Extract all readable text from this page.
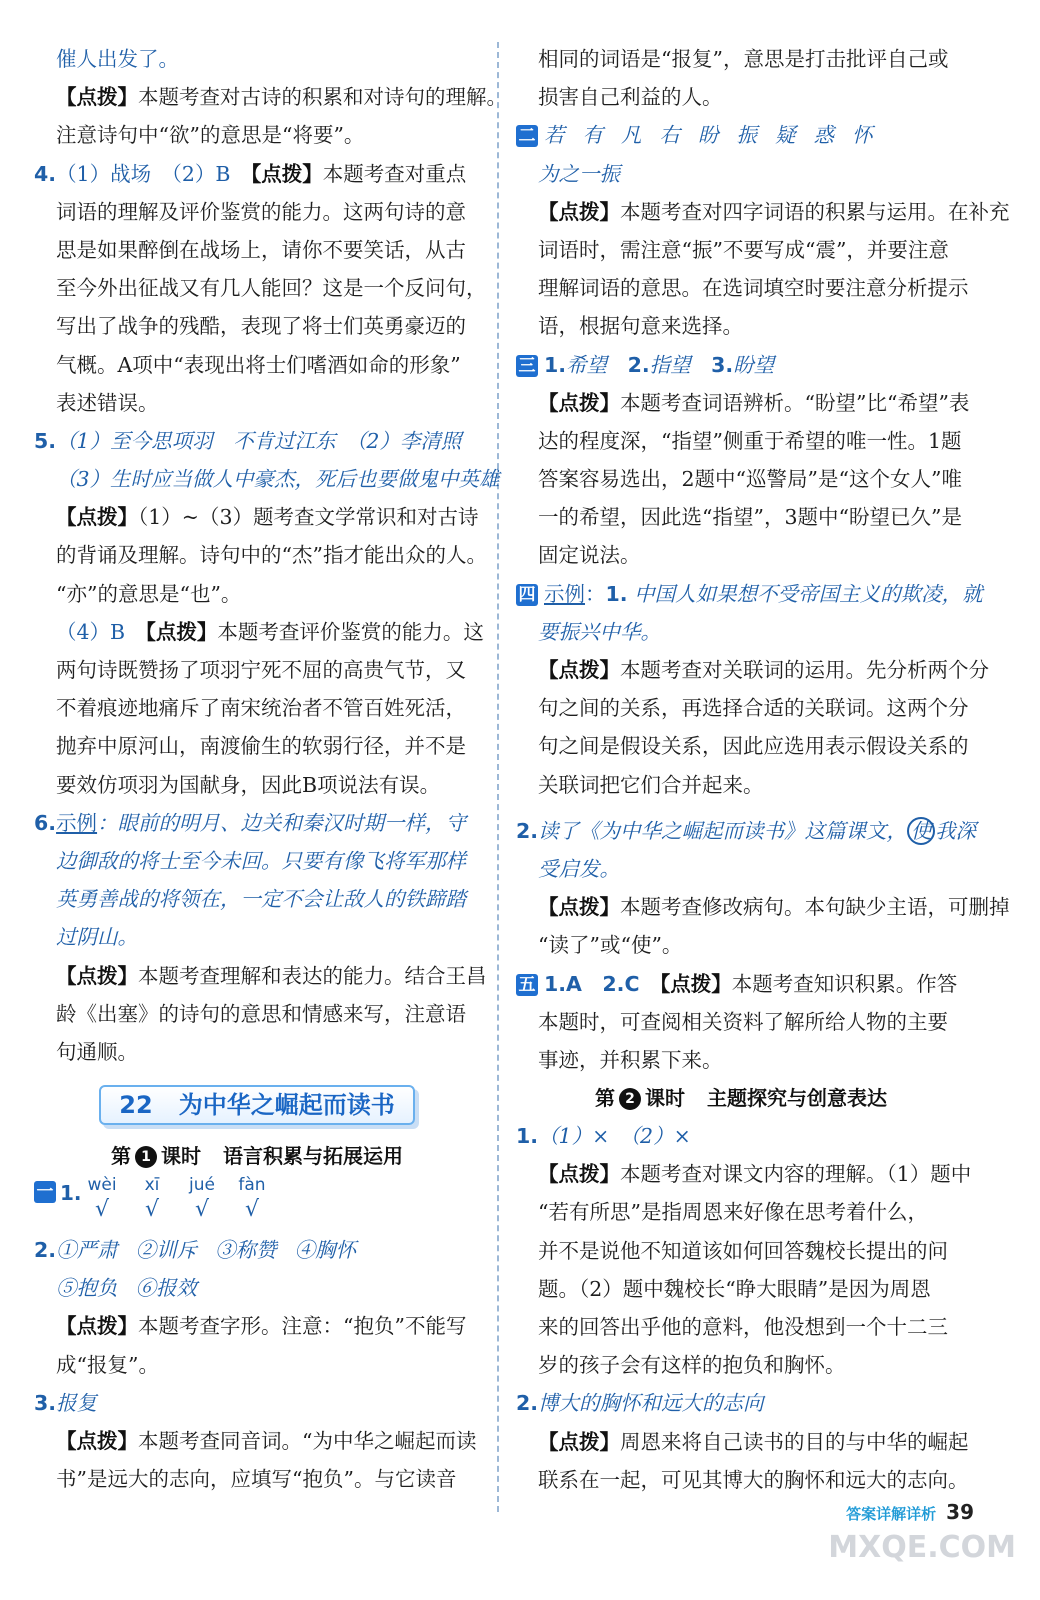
催人出发了。
【点拨】本题考查对古诗的积累和对诗句的理解。
注意诗句中“欲”的意思是“将要”。
4.（1）战场　 （2）B　 【点拨】本题考查对重点
词语的理解及评价鉴赏的能力。这两句诗的意
思是如果醉倒在战场上，请你不要笑话，从古
至今外出征战又有几人能回？这是一个反问句，
写出了战争的残酷，表现了将士们英勇豪迈的
气概。A项中“表现出将士们嗜酒如命的形象”
表述错误。
5.（1）至今思项羽　不肯过江东　（2）李清照
（3）生时应当做人中豪杰，死后也要做鬼中英雄
【点拨】（1）~（3）题考查文学常识和对古诗
的背诵及理解。诗句中的“杰”指才能出众的人。
“亦”的意思是“也”。
（4）B　 【点拨】本题考查评价鉴赏的能力。这
两句诗既赞扬了项羽宁死不屈的高贵气节，又
不着痕迹地痛斥了南宋统治者不管百姓死活，
抛弃中原河山，南渡偷生的软弱行径，并不是
要效仿项羽为国献身，因此B项说法有误。
6.示例：眼前的明月、边关和秦汉时期一样，守
边御敌的将士至今未回。只要有像飞将军那样
英勇善战的将领在，一定不会让敌人的铁蹄踏
过阴山。
【点拨】本题考查理解和表达的能力。结合王昌
龄《出塞》的诗句的意思和情感来写，注意语
句通顺。
22 为中华之崛起而读书
第 1 课时 语言积累与拓展运用
一 1. wèi
√
xī
√
jué
√
fàn
√
2.①严肃 ②训斥 ③称赞 ④胸怀
⑤抱负 ⑥报效
【点拨】本题考查字形。注意：“抱负”不能写
成“报复”。
3.报复
【点拨】本题考查同音词。“为中华之崛起而读
书”是远大的志向，应填写“抱负”。与它读音
相同的词语是“报复”，意思是打击批评自己或
损害自己利益的人。
二 若 有 凡 右 盼 振 疑 惑 怀
为之一振
【点拨】本题考查对四字词语的积累与运用。在补充
词语时，需注意“振”不要写成“震”，并要注意
理解词语的意思。在选词填空时要注意分析提示
语，根据句意来选择。
三 1.希望　 2.指望　 3.盼望
【点拨】本题考查词语辨析。“盼望”比“希望”表
达的程度深，“指望”侧重于希望的唯一性。1题
答案容易选出，2题中“巡警局”是“这个女人”唯
一的希望，因此选“指望”，3题中“盼望已久”是
固定说法。
四 示例：1. 中国人如果想不受帝国主义的欺凌，就
要振兴中华。
【点拨】本题考查对关联词的运用。先分析两个分
句之间的关系，再选择合适的关联词。这两个分
句之间是假设关系，因此应选用表示假设关系的
关联词把它们合并起来。
2.读了《为中华之崛起而读书》这篇课文， 使 我深
受启发。
【点拨】本题考查修改病句。本句缺少主语，可删掉
“读了”或“使”。
五 1.A　 2.C　 【点拨】本题考查知识积累。作答
本题时，可查阅相关资料了解所给人物的主要
事迹，并积累下来。
第 2 课时 主题探究与创意表达
1.（1）×　（2）×
【点拨】本题考查对课文内容的理解。（1）题中
“若有所思”是指周恩来好像在思考着什么，
并不是说他不知道该如何回答魏校长提出的问
题。（2）题中魏校长“睁大眼睛”是因为周恩
来的回答出乎他的意料，他没想到一个十二三
岁的孩子会有这样的抱负和胸怀。
2.博大的胸怀和远大的志向
【点拨】周恩来将自己读书的目的与中华的崛起
联系在一起，可见其博大的胸怀和远大的志向。
答案详解详析 39
MXQE.COM
